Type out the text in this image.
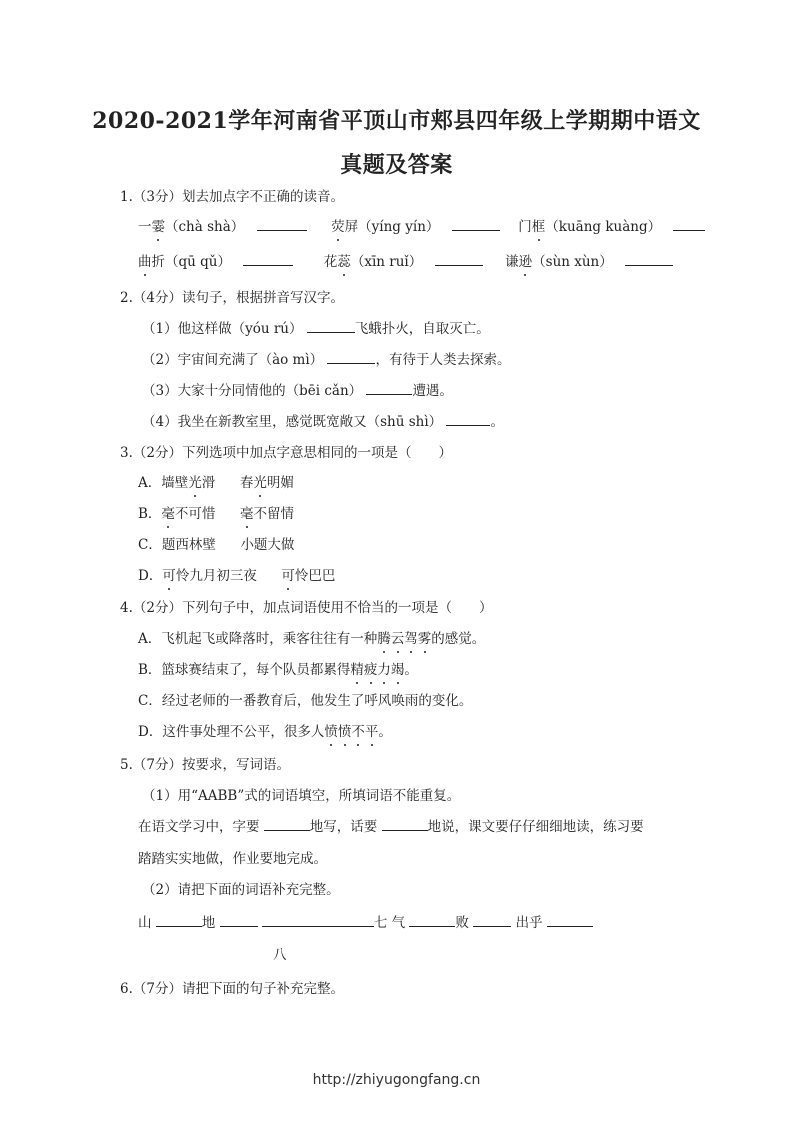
2020-2021学年河南省平顶山市郏县四年级上学期期中语文
真题及答案
1.（3分）划去加点字不正确的读音。
一霎（chà shà）	荧屏（yíng yín）	门框（kuāng kuàng）
曲折（qū qǔ）	花蕊（xīn ruǐ）	谦逊（sùn xùn）
2.（4分）读句子，根据拼音写汉字。
（1）他这样做（yóu rú）	飞蛾扑火，自取灭亡。
（2）宇宙间充满了（ào mì）	，有待于人类去探索。
（3）大家十分同情他的（bēi cǎn）	遭遇。
（4）我坐在新教室里，感觉既宽敞又（shū shì）	。
3.（2分）下列选项中加点字意思相同的一项是（　　）
A．墙壁光滑 春光明媚
B．毫不可惜 毫不留情
C．题西林壁 小题大做
D．可怜九月初三夜 可怜巴巴
4.（2分）下列句子中，加点词语使用不恰当的一项是（　　）
A．飞机起飞或降落时，乘客往往有一种腾云驾雾的感觉。
B．篮球赛结束了，每个队员都累得精疲力竭。
C．经过老师的一番教育后，他发生了呼风唤雨的变化。
D．这件事处理不公平，很多人愤愤不平。
5.（7分）按要求，写词语。
（1）用“AABB”式的词语填空，所填词语不能重复。
在语文学习中，字要	地写，话要	地说，课文要仔仔细细地读，练习要
踏踏实实地做，作业要地完成。
（2）请把下面的词语补充完整。
山	地	七 气	败	出乎
八
6.（7分）请把下面的句子补充完整。
http://zhiyugongfang.cn
